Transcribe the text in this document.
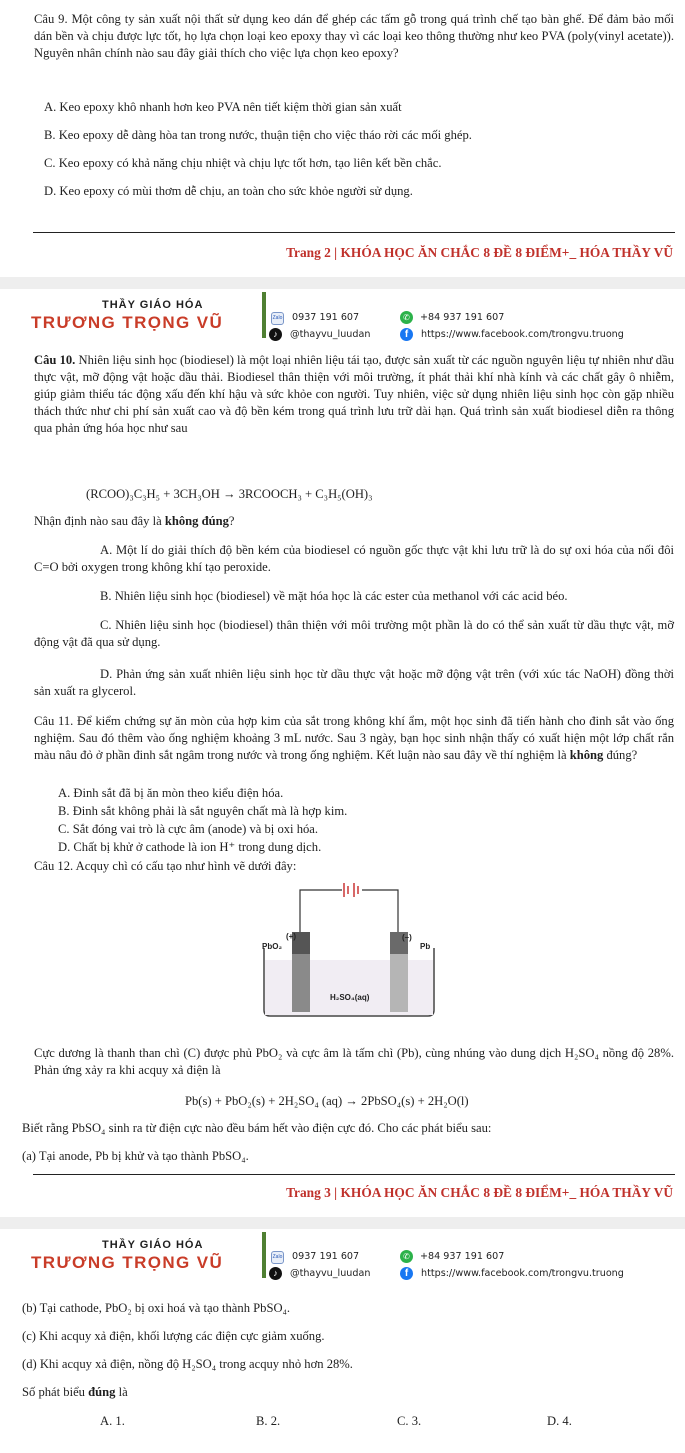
Câu 9. Một công ty sản xuất nội thất sử dụng keo dán để ghép các tấm gỗ trong quá trình chế tạo bàn ghế. Để đảm bảo mối dán bền và chịu được lực tốt, họ lựa chọn loại keo epoxy thay vì các loại keo thông thường như keo PVA (poly(vinyl acetate)). Nguyên nhân chính nào sau đây giải thích cho việc lựa chọn keo epoxy?
A. Keo epoxy khô nhanh hơn keo PVA nên tiết kiệm thời gian sản xuất
B. Keo epoxy dễ dàng hòa tan trong nước, thuận tiện cho việc tháo rời các mối ghép.
C. Keo epoxy có khả năng chịu nhiệt và chịu lực tốt hơn, tạo liên kết bền chắc.
D. Keo epoxy có mùi thơm dễ chịu, an toàn cho sức khỏe người sử dụng.
Trang 2 | KHÓA HỌC ĂN CHẮC 8 ĐỀ 8 ĐIỂM+_ HÓA THẦY VŨ
THẦY GIÁO HÓA
TRƯƠNG TRỌNG VŨ	Zalo 0937 191 607	✆	+84 937 191 607
♪	@thayvu_luudan	f	https://www.facebook.com/trongvu.truong
Câu 10. Nhiên liệu sinh học (biodiesel) là một loại nhiên liệu tái tạo, được sản xuất từ các nguồn nguyên liệu tự nhiên như dầu thực vật, mỡ động vật hoặc dầu thải. Biodiesel thân thiện với môi trường, ít phát thải khí nhà kính và các chất gây ô nhiễm, giúp giảm thiểu tác động xấu đến khí hậu và sức khỏe con người. Tuy nhiên, việc sử dụng nhiên liệu sinh học còn gặp nhiều thách thức như chi phí sản xuất cao và độ bền kém trong quá trình lưu trữ dài hạn. Quá trình sản xuất biodiesel diễn ra thông qua phản ứng hóa học như sau
(RCOO)₃C₃H₅ + 3CH₃OH → 3RCOOCH₃ + C₃H₅(OH)₃
Nhận định nào sau đây là không đúng?
A. Một lí do giải thích độ bền kém của biodiesel có nguồn gốc thực vật khi lưu trữ là do sự oxi hóa của nối đôi C=O bởi oxygen trong không khí tạo peroxide.
B. Nhiên liệu sinh học (biodiesel) về mặt hóa học là các ester của methanol với các acid béo.
C. Nhiên liệu sinh học (biodiesel) thân thiện với môi trường một phần là do có thể sản xuất từ dầu thực vật, mỡ động vật đã qua sử dụng.
D. Phản ứng sản xuất nhiên liệu sinh học từ dầu thực vật hoặc mỡ động vật trên (với xúc tác NaOH) đồng thời sản xuất ra glycerol.
Câu 11. Để kiểm chứng sự ăn mòn của hợp kim của sắt trong không khí ẩm, một học sinh đã tiến hành cho đinh sắt vào ống nghiệm. Sau đó thêm vào ống nghiệm khoảng 3 mL nước. Sau 3 ngày, bạn học sinh nhận thấy có xuất hiện một lớp chất rắn màu nâu đỏ ở phần đinh sắt ngâm trong nước và trong ống nghiệm. Kết luận nào sau đây về thí nghiệm là không đúng?
A. Đinh sắt đã bị ăn mòn theo kiểu điện hóa.
B. Đinh sắt không phải là sắt nguyên chất mà là hợp kim.
C. Sắt đóng vai trò là cực âm (anode) và bị oxi hóa.
D. Chất bị khử ở cathode là ion H⁺ trong dung dịch.
Câu 12. Acquy chì có cấu tạo như hình vẽ dưới đây:
PbO₂
(+)	(–)
Pb
H₂SO₄(aq)
Cực dương là thanh than chì (C) được phủ PbO₂ và cực âm là tấm chì (Pb), cùng nhúng vào dung dịch H₂SO₄ nồng độ 28%. Phản ứng xảy ra khi acquy xả điện là
Pb(s) + PbO₂(s) + 2H₂SO₄ (aq) → 2PbSO₄(s) + 2H₂O(l)
Biết rằng PbSO₄ sinh ra từ điện cực nào đều bám hết vào điện cực đó. Cho các phát biểu sau:
(a) Tại anode, Pb bị khử và tạo thành PbSO₄.
Trang 3 | KHÓA HỌC ĂN CHẮC 8 ĐỀ 8 ĐIỂM+_ HÓA THẦY VŨ
THẦY GIÁO HÓA
TRƯƠNG TRỌNG VŨ	Zalo 0937 191 607	✆	+84 937 191 607
♪	@thayvu_luudan	f	https://www.facebook.com/trongvu.truong
(b) Tại cathode, PbO₂ bị oxi hoá và tạo thành PbSO₄.
(c) Khi acquy xả điện, khối lượng các điện cực giảm xuống.
(d) Khi acquy xả điện, nồng độ H₂SO₄ trong acquy nhỏ hơn 28%.
Số phát biểu đúng là
A. 1.	B. 2.	C. 3.	D. 4.
